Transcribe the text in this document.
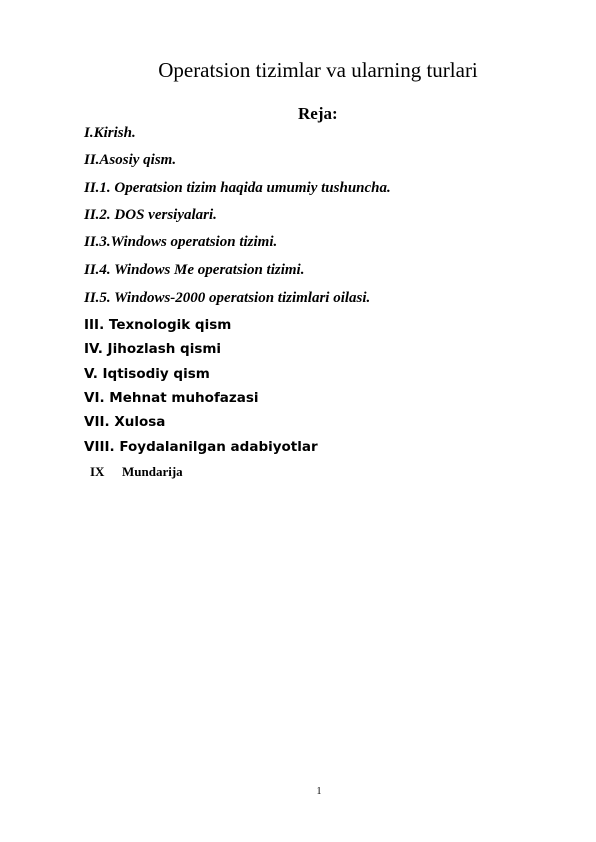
Operatsion tizimlar va ularning turlari
Reja:
I.Kirish.
II.Asosiy qism.
II.1. Operatsion tizim haqida umumiy tushuncha.
II.2. DOS versiyalari.
II.3.Windows operatsion tizimi.
II.4. Windows Me operatsion tizimi.
II.5. Windows-2000 operatsion tizimlari oilasi.
III. Texnologik qism
IV. Jihozlash qismi
V. Iqtisodiy qism
VI. Mehnat muhofazasi
VII. Xulosa
VIII. Foydalanilgan adabiyotlar
IX Mundarija
1
